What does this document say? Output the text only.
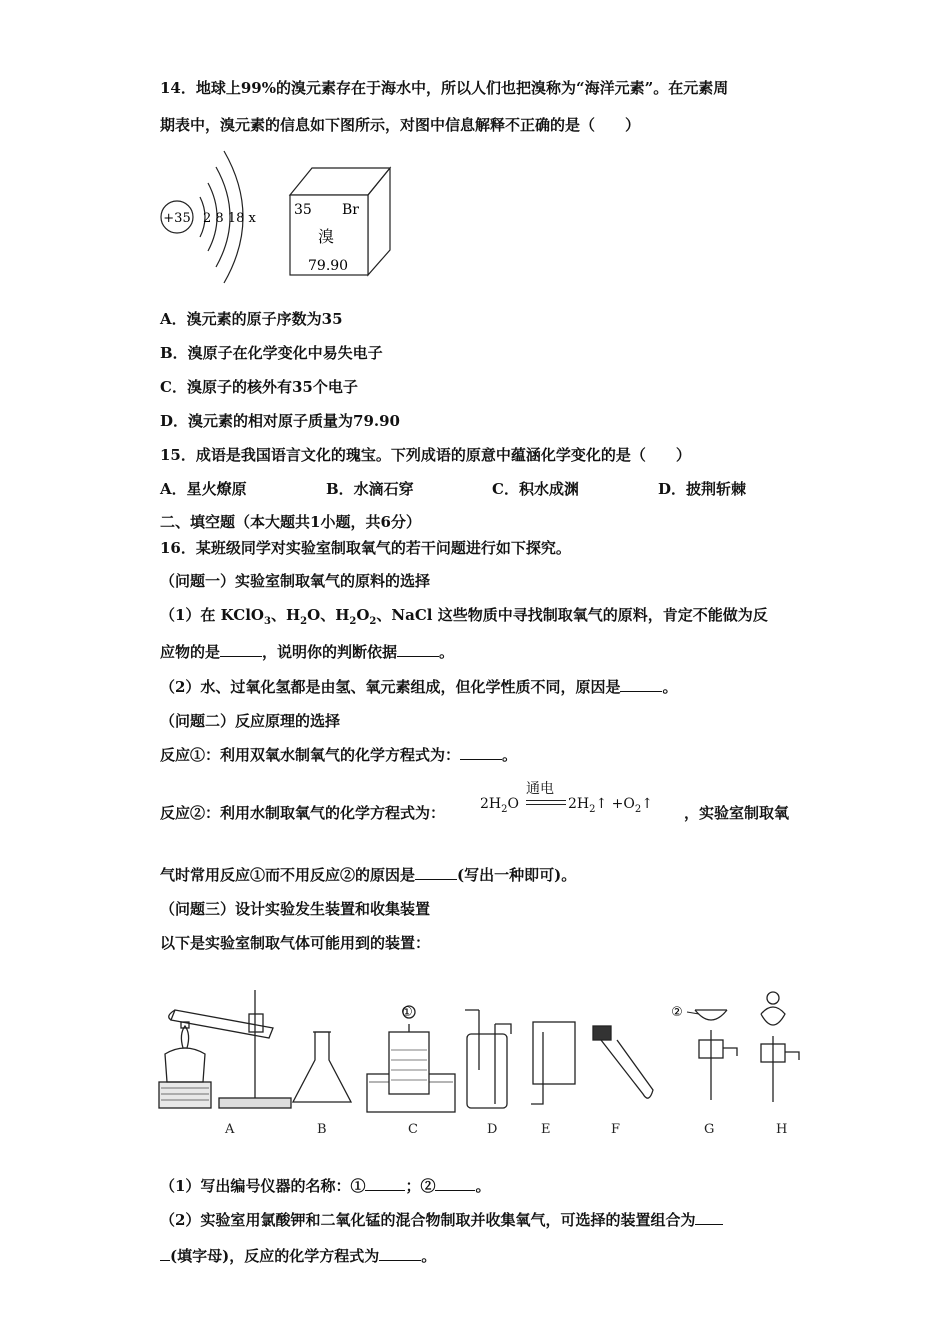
14．地球上99%的溴元素存在于海水中，所以人们也把溴称为“海洋元素”。在元素周
期表中，溴元素的信息如下图所示，对图中信息解释不正确的是（　　）
+35 2 8 18 x
35 Br
溴
79.90
A．溴元素的原子序数为35
B．溴原子在化学变化中易失电子
C．溴原子的核外有35个电子
D．溴元素的相对原子质量为79.90
15．成语是我国语言文化的瑰宝。下列成语的原意中蕴涵化学变化的是（　　）
A．星火燎原	B．水滴石穿	C．积水成渊	D．披荆斩棘
二、填空题（本大题共1小题，共6分）
16．某班级同学对实验室制取氧气的若干问题进行如下探究。
（问题一）实验室制取氧气的原料的选择
（1）在 KClO$_3$、$H_2O$、$H_2O_2$、NaCl 这些物质中寻找制取氧气的原料，肯定不能做为反
应物的是	，说明你的判断依据	。
（2）水、过氧化氢都是由氢、氧元素组成，但化学性质不同，原因是	。
（问题二）反应原理的选择
反应①：利用双氧水制氧气的化学方程式为：	。
反应②：利用水制取氧气的化学方程式为：
通电
$2H_2O$	$2H_2↑$ $+O_2↑$ ，实验室制取氧
气时常用反应①而不用反应②的原因是	(写出一种即可)。
（问题三）设计实验发生装置和收集装置
以下是实验室制取气体可能用到的装置：
①	②
A	B	C	D	E	F	G	H
（1）写出编号仪器的名称：①	；②	。
（2）实验室用氯酸钾和二氧化锰的混合物制取并收集氧气，可选择的装置组合为
(填字母)，反应的化学方程式为	。
